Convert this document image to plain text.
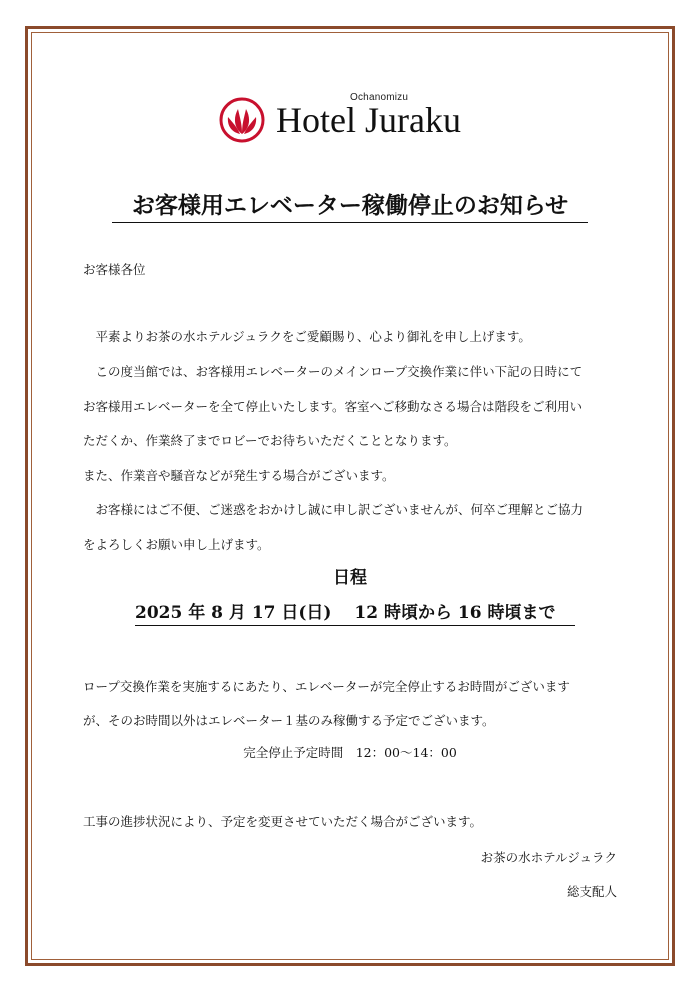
Ochanomizu
Hotel Juraku
お客様用エレベーター稼働停止のお知らせ
お客様各位
　平素よりお茶の水ホテルジュラクをご愛顧賜り、心より御礼を申し上げます。
　この度当館では、お客様用エレベーターのメインロープ交換作業に伴い下記の日時にて
お客様用エレベーターを全て停止いたします。客室へご移動なさる場合は階段をご利用い
ただくか、作業終了までロビーでお待ちいただくこととなります。
また、作業音や騒音などが発生する場合がございます。
　お客様にはご不便、ご迷惑をおかけし誠に申し訳ございませんが、何卒ご理解とご協力
をよろしくお願い申し上げます。
日程
2025 年 8 月 17 日(日)　 12 時頃から 16 時頃まで
ロープ交換作業を実施するにあたり、エレベーターが完全停止するお時間がございます
が、そのお時間以外はエレベーター１基のみ稼働する予定でございます。
完全停止予定時間　12：00～14：00
工事の進捗状況により、予定を変更させていただく場合がございます。
お茶の水ホテルジュラク
総支配人
